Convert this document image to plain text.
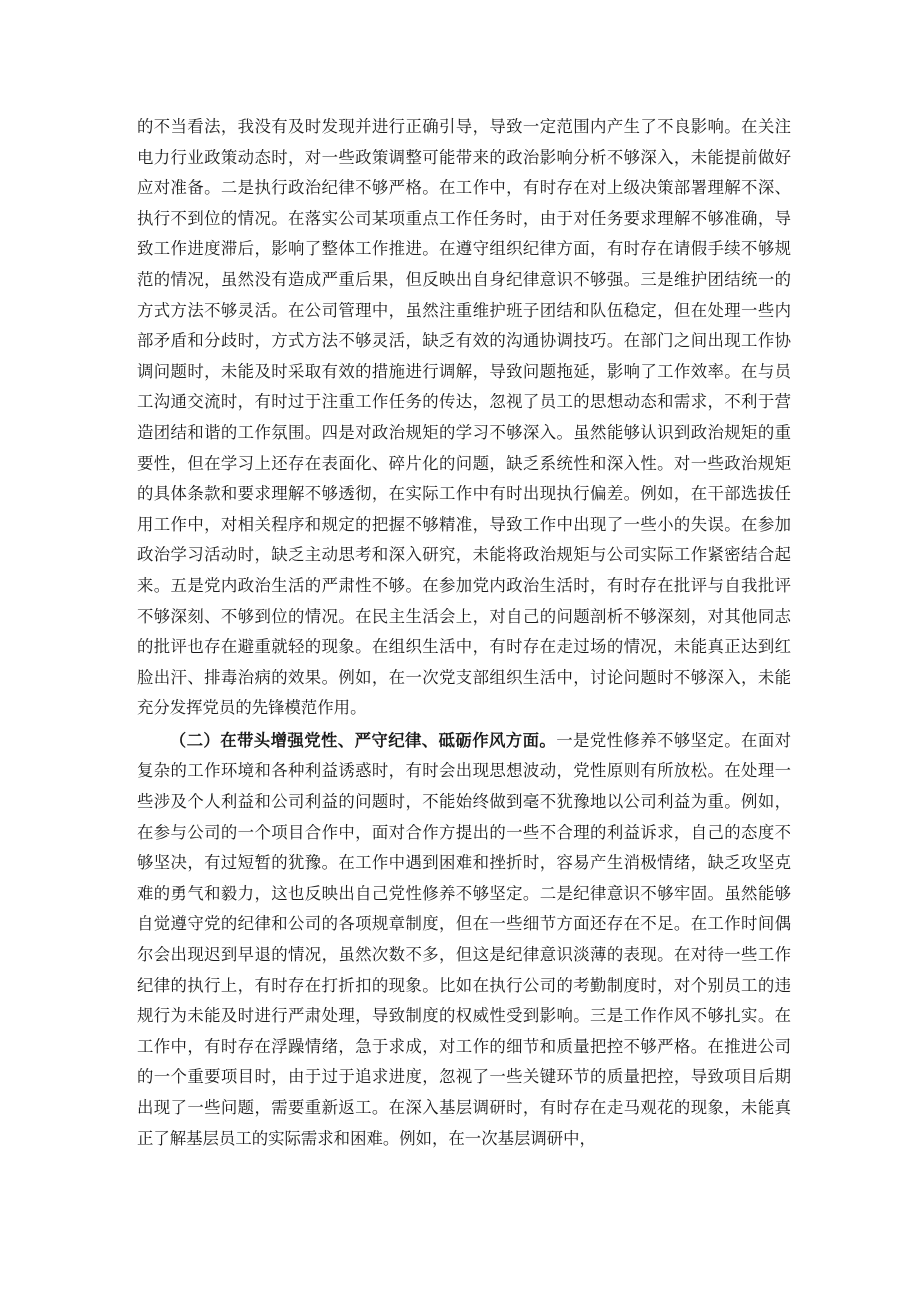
的不当看法，我没有及时发现并进行正确引导，导致一定范围内产生了不良影响。在关注电力行业政策动态时，对一些政策调整可能带来的政治影响分析不够深入，未能提前做好应对准备。二是执行政治纪律不够严格。在工作中，有时存在对上级决策部署理解不深、执行不到位的情况。在落实公司某项重点工作任务时，由于对任务要求理解不够准确，导致工作进度滞后，影响了整体工作推进。在遵守组织纪律方面，有时存在请假手续不够规范的情况，虽然没有造成严重后果，但反映出自身纪律意识不够强。三是维护团结统一的方式方法不够灵活。在公司管理中，虽然注重维护班子团结和队伍稳定，但在处理一些内部矛盾和分歧时，方式方法不够灵活，缺乏有效的沟通协调技巧。在部门之间出现工作协调问题时，未能及时采取有效的措施进行调解，导致问题拖延，影响了工作效率。在与员工沟通交流时，有时过于注重工作任务的传达，忽视了员工的思想动态和需求，不利于营造团结和谐的工作氛围。四是对政治规矩的学习不够深入。虽然能够认识到政治规矩的重要性，但在学习上还存在表面化、碎片化的问题，缺乏系统性和深入性。对一些政治规矩的具体条款和要求理解不够透彻，在实际工作中有时出现执行偏差。例如，在干部选拔任用工作中，对相关程序和规定的把握不够精准，导致工作中出现了一些小的失误。在参加政治学习活动时，缺乏主动思考和深入研究，未能将政治规矩与公司实际工作紧密结合起来。五是党内政治生活的严肃性不够。在参加党内政治生活时，有时存在批评与自我批评不够深刻、不够到位的情况。在民主生活会上，对自己的问题剖析不够深刻，对其他同志的批评也存在避重就轻的现象。在组织生活中，有时存在走过场的情况，未能真正达到红脸出汗、排毒治病的效果。例如，在一次党支部组织生活中，讨论问题时不够深入，未能充分发挥党员的先锋模范作用。

（二）在带头增强党性、严守纪律、砥砺作风方面。一是党性修养不够坚定。在面对复杂的工作环境和各种利益诱惑时，有时会出现思想波动，党性原则有所放松。在处理一些涉及个人利益和公司利益的问题时，不能始终做到毫不犹豫地以公司利益为重。例如，在参与公司的一个项目合作中，面对合作方提出的一些不合理的利益诉求，自己的态度不够坚决，有过短暂的犹豫。在工作中遇到困难和挫折时，容易产生消极情绪，缺乏攻坚克难的勇气和毅力，这也反映出自己党性修养不够坚定。二是纪律意识不够牢固。虽然能够自觉遵守党的纪律和公司的各项规章制度，但在一些细节方面还存在不足。在工作时间偶尔会出现迟到早退的情况，虽然次数不多，但这是纪律意识淡薄的表现。在对待一些工作纪律的执行上，有时存在打折扣的现象。比如在执行公司的考勤制度时，对个别员工的违规行为未能及时进行严肃处理，导致制度的权威性受到影响。三是工作作风不够扎实。在工作中，有时存在浮躁情绪，急于求成，对工作的细节和质量把控不够严格。在推进公司的一个重要项目时，由于过于追求进度，忽视了一些关键环节的质量把控，导致项目后期出现了一些问题，需要重新返工。在深入基层调研时，有时存在走马观花的现象，未能真正了解基层员工的实际需求和困难。例如，在一次基层调研中，
